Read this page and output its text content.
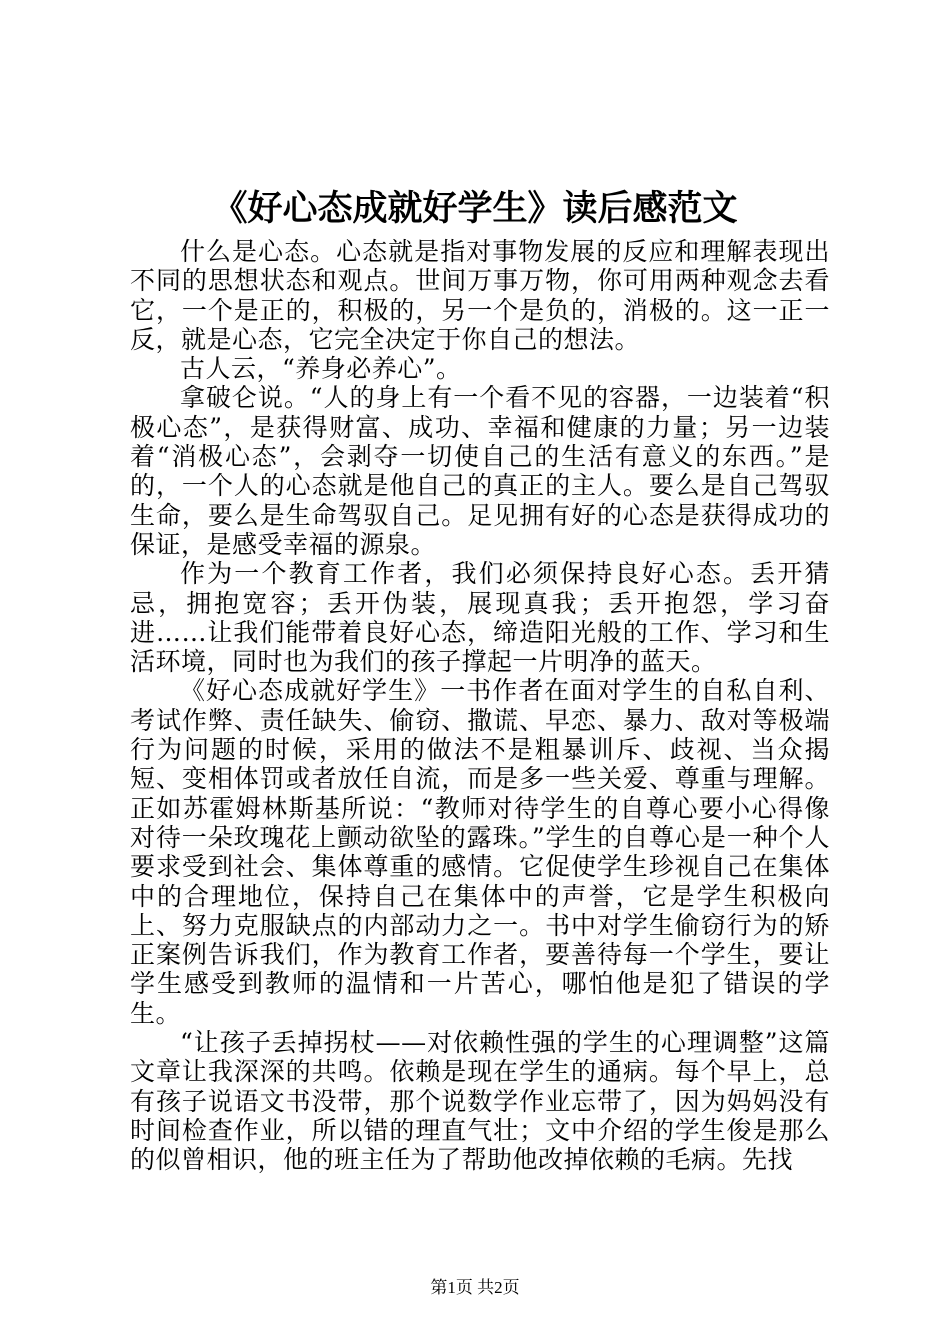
《好心态成就好学生》读后感范文

什么是心态。心态就是指对事物发展的反应和理解表现出不同的思想状态和观点。世间万事万物，你可用两种观念去看它，一个是正的，积极的，另一个是负的，消极的。这一正一反，就是心态，它完全决定于你自己的想法。

古人云，“养身必养心”。

拿破仑说。“人的身上有一个看不见的容器，一边装着“积极心态”，是获得财富、成功、幸福和健康的力量；另一边装着“消极心态”，会剥夺一切使自己的生活有意义的东西。”是的，一个人的心态就是他自己的真正的主人。要么是自己驾驭生命，要么是生命驾驭自己。足见拥有好的心态是获得成功的保证，是感受幸福的源泉。

作为一个教育工作者，我们必须保持良好心态。丢开猜忌，拥抱宽容；丢开伪装，展现真我；丢开抱怨，学习奋进……让我们能带着良好心态，缔造阳光般的工作、学习和生活环境，同时也为我们的孩子撑起一片明净的蓝天。

《好心态成就好学生》一书作者在面对学生的自私自利、考试作弊、责任缺失、偷窃、撒谎、早恋、暴力、敌对等极端行为问题的时候，采用的做法不是粗暴训斥、歧视、当众揭短、变相体罚或者放任自流，而是多一些关爱、尊重与理解。正如苏霍姆林斯基所说：“教师对待学生的自尊心要小心得像对待一朵玫瑰花上颤动欲坠的露珠。”学生的自尊心是一种个人要求受到社会、集体尊重的感情。它促使学生珍视自己在集体中的合理地位，保持自己在集体中的声誉，它是学生积极向上、努力克服缺点的内部动力之一。书中对学生偷窃行为的矫正案例告诉我们，作为教育工作者，要善待每一个学生，要让学生感受到教师的温情和一片苦心，哪怕他是犯了错误的学生。

“让孩子丢掉拐杖——对依赖性强的学生的心理调整”这篇文章让我深深的共鸣。依赖是现在学生的通病。每个早上，总有孩子说语文书没带，那个说数学作业忘带了，因为妈妈没有时间检查作业，所以错的理直气壮；文中介绍的学生俊是那么的似曾相识，他的班主任为了帮助他改掉依赖的毛病。先找

第1页 共2页
